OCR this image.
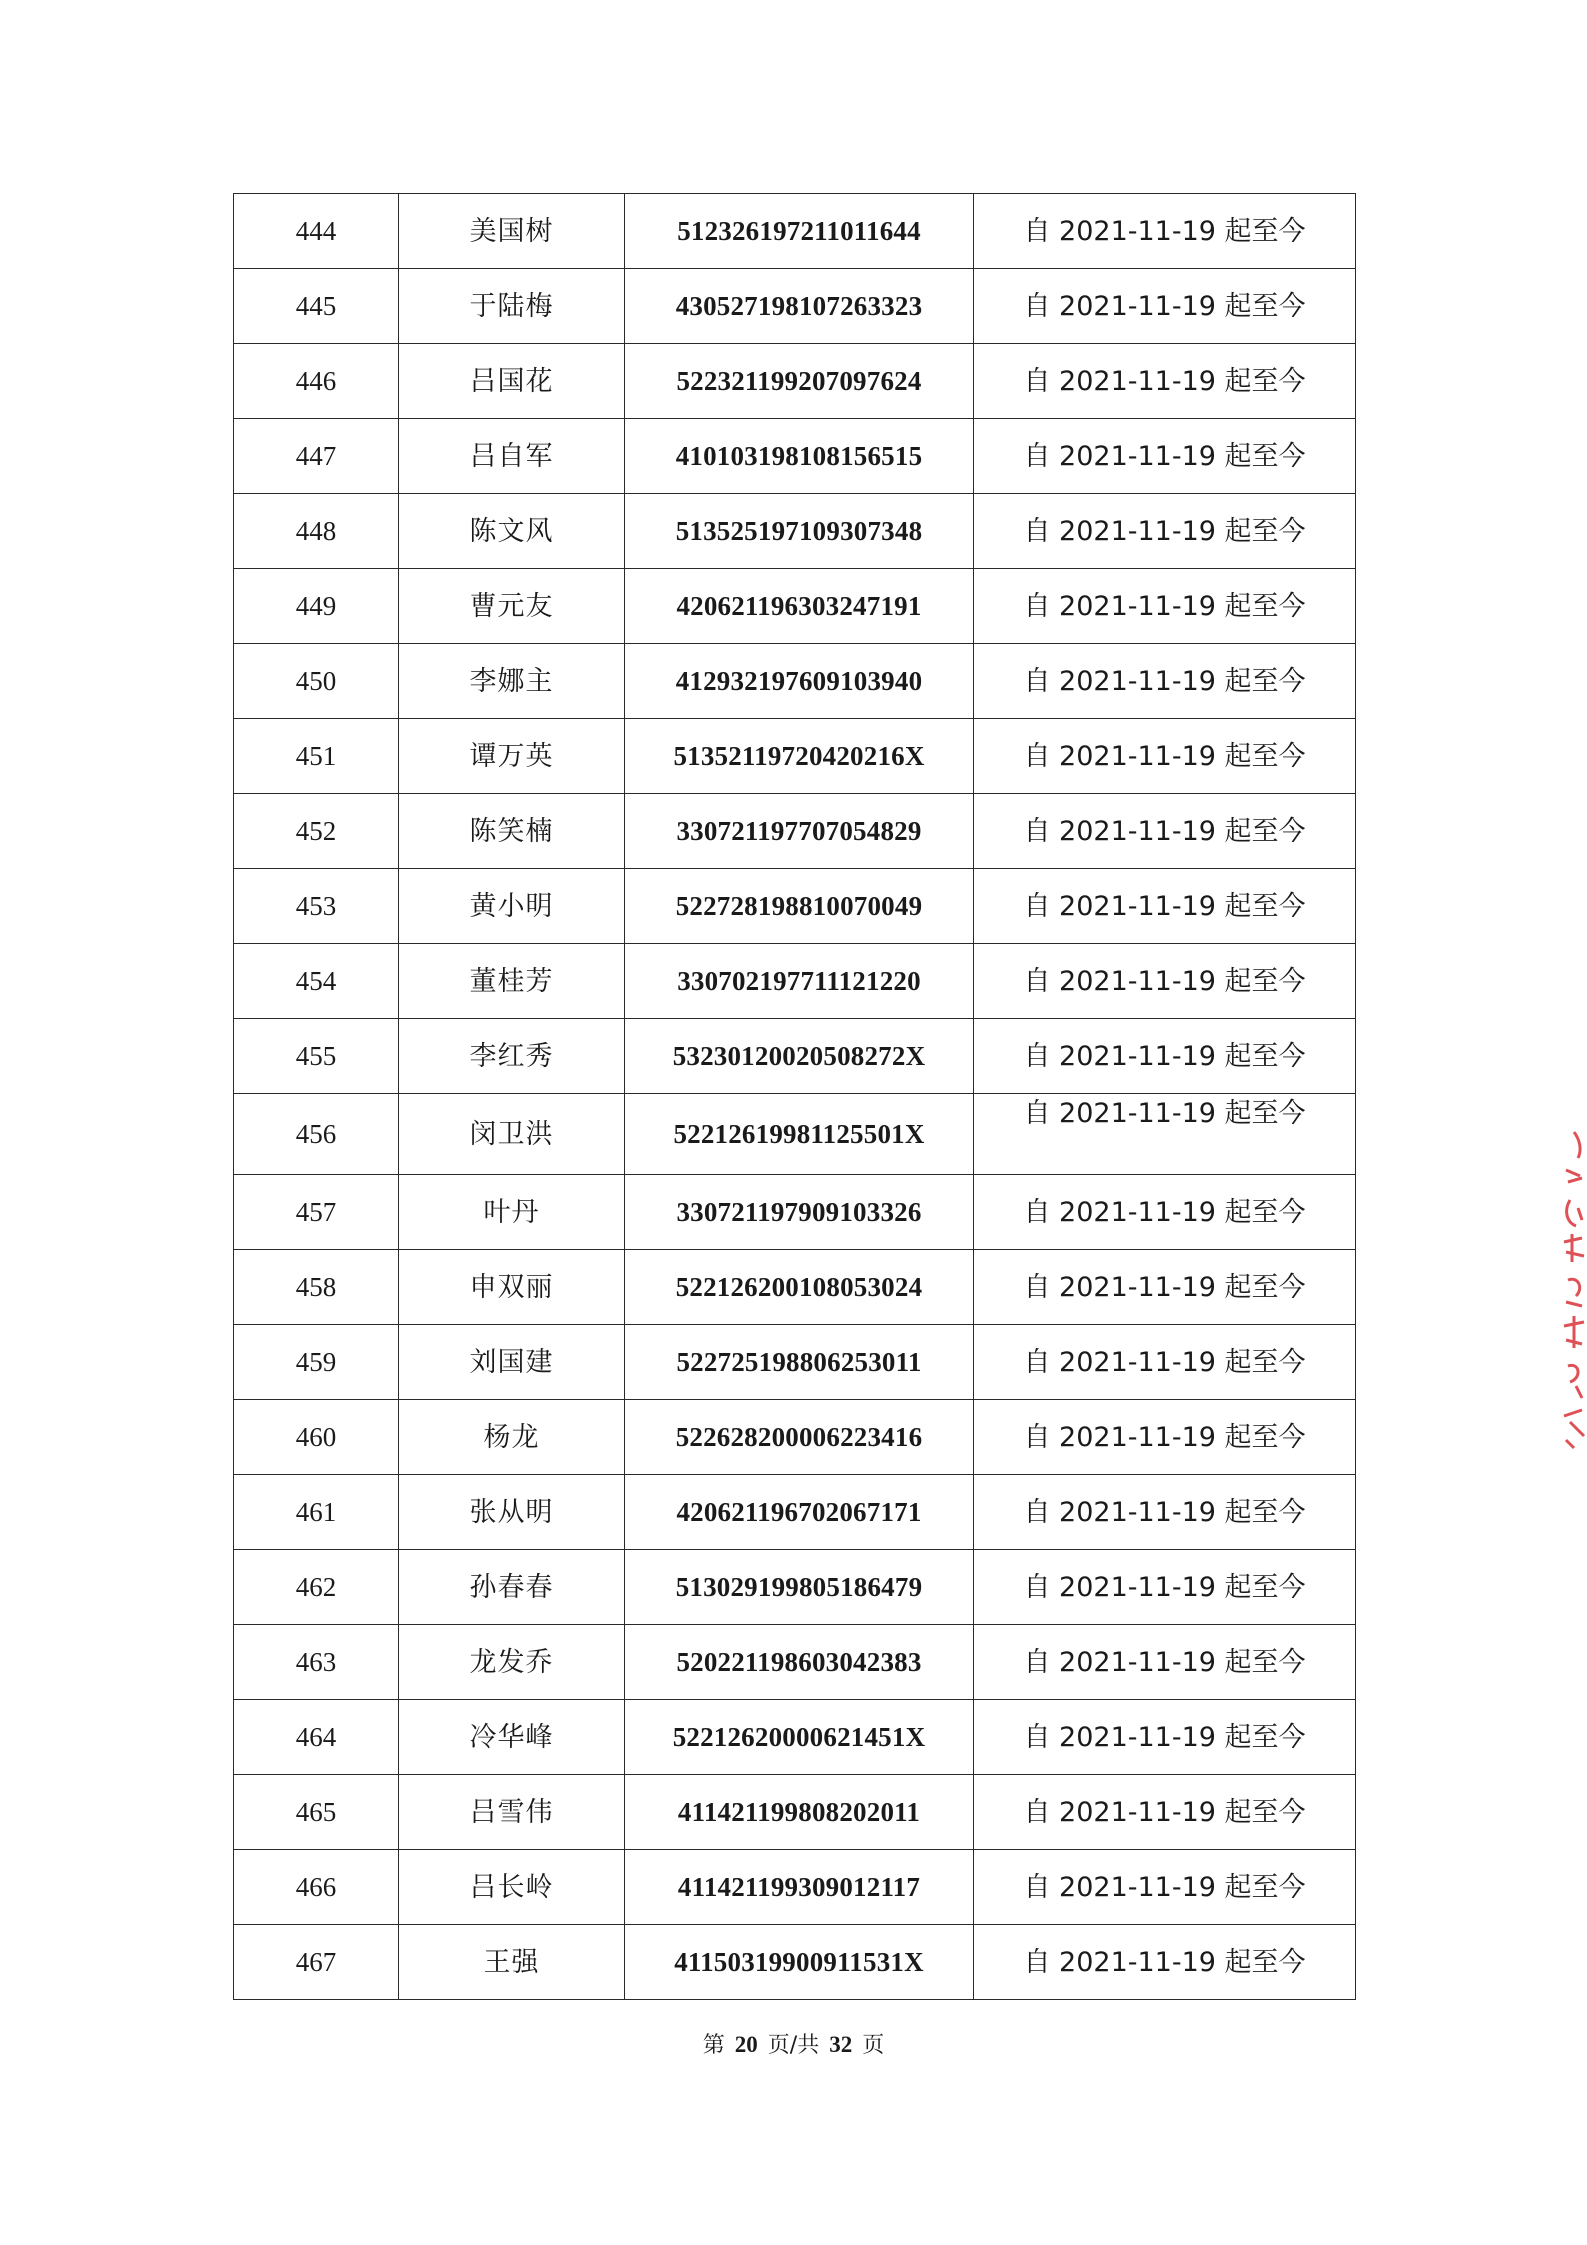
444	美国树	512326197211011644	自 2021-11-19 起至今
445	于陆梅	430527198107263323	自 2021-11-19 起至今
446	吕国花	522321199207097624	自 2021-11-19 起至今
447	吕自军	410103198108156515	自 2021-11-19 起至今
448	陈文风	513525197109307348	自 2021-11-19 起至今
449	曹元友	420621196303247191	自 2021-11-19 起至今
450	李娜主	412932197609103940	自 2021-11-19 起至今
451	谭万英	51352119720420216X	自 2021-11-19 起至今
452	陈笑楠	330721197707054829	自 2021-11-19 起至今
453	黄小明	522728198810070049	自 2021-11-19 起至今
454	董桂芳	330702197711121220	自 2021-11-19 起至今
455	李红秀	53230120020508272X	自 2021-11-19 起至今
456	闵卫洪	52212619981125501X	自 2021-11-19 起至今
457	叶丹	330721197909103326	自 2021-11-19 起至今
458	申双丽	522126200108053024	自 2021-11-19 起至今
459	刘国建	522725198806253011	自 2021-11-19 起至今
460	杨龙	522628200006223416	自 2021-11-19 起至今
461	张从明	420621196702067171	自 2021-11-19 起至今
462	孙春春	513029199805186479	自 2021-11-19 起至今
463	龙发乔	520221198603042383	自 2021-11-19 起至今
464	冷华峰	52212620000621451X	自 2021-11-19 起至今
465	吕雪伟	411421199808202011	自 2021-11-19 起至今
466	吕长岭	411421199309012117	自 2021-11-19 起至今
467	王强	41150319900911531X	自 2021-11-19 起至今
第 20 页/共 32 页
